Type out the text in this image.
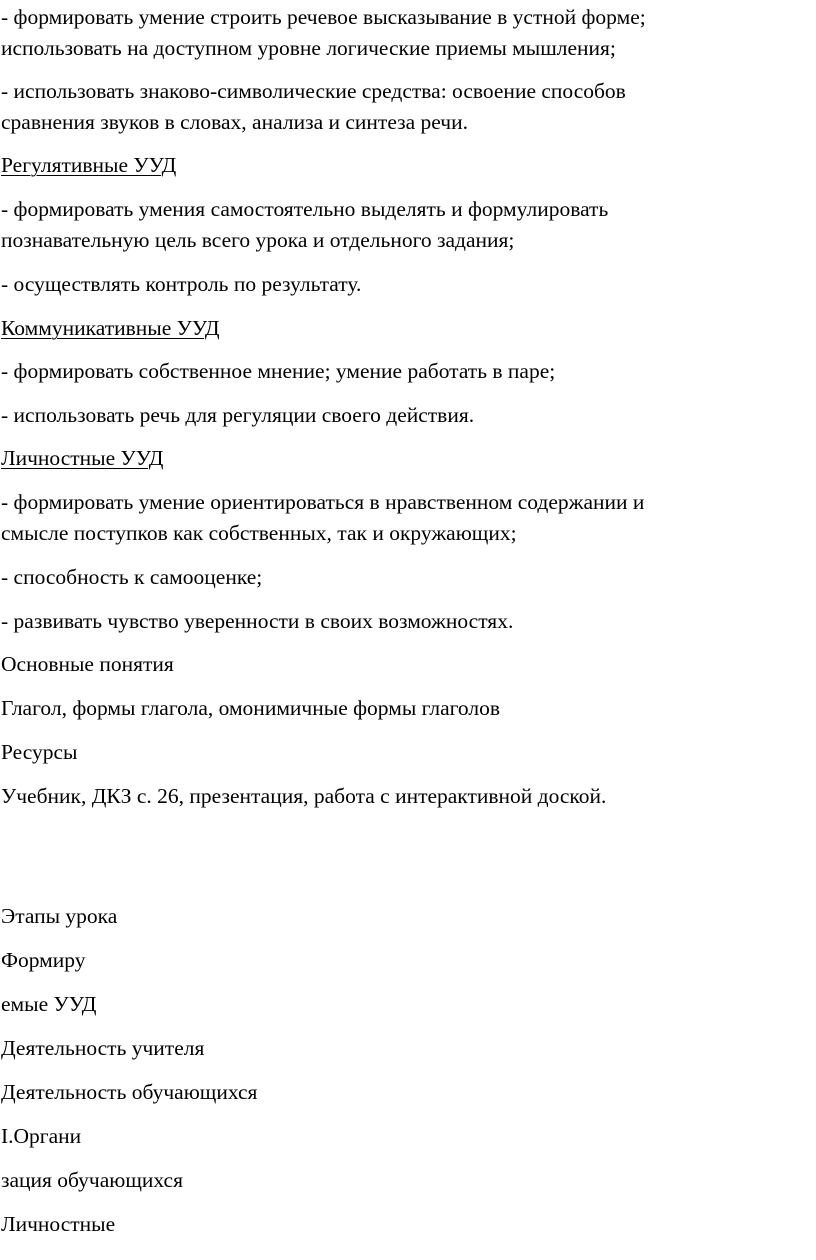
- формировать умение строить речевое высказывание в устной форме;

использовать на доступном уровне логические приемы мышления;

- использовать знаково-символические средства: освоение способов

сравнения звуков в словах, анализа и синтеза речи.

Регулятивные УУД

- формировать умения самостоятельно выделять и формулировать

познавательную цель всего урока и отдельного задания;

- осуществлять контроль по результату.

Коммуникативные УУД

- формировать собственное мнение; умение работать в паре;

- использовать речь для регуляции своего действия.

Личностные УУД

- формировать умение ориентироваться в нравственном содержании и

смысле поступков как собственных, так и окружающих;

- способность к самооценке;

- развивать чувство уверенности в своих возможностях.

Основные понятия

Глагол, формы глагола, омонимичные формы глаголов

Ресурсы

Учебник, ДКЗ с. 26, презентация, работа с интерактивной доской.

Этапы урока

Формиру

емые УУД

Деятельность учителя

Деятельность обучающихся

I.Органи

зация обучающихся

Личностные
